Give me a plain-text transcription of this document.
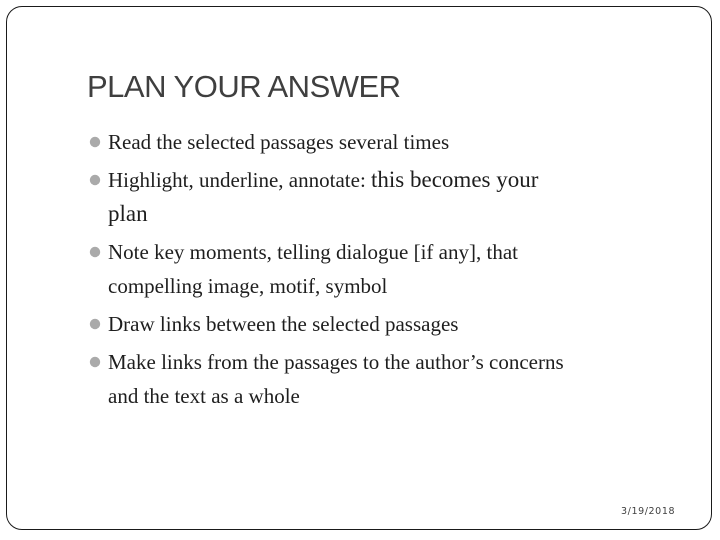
PLAN YOUR ANSWER
Read the selected passages several times
Highlight, underline, annotate: this becomes your
plan
Note key moments, telling dialogue [if any], that
compelling image, motif, symbol
Draw links between the selected passages
Make links from the passages to the author’s concerns
and the text as a whole
3/19/2018
